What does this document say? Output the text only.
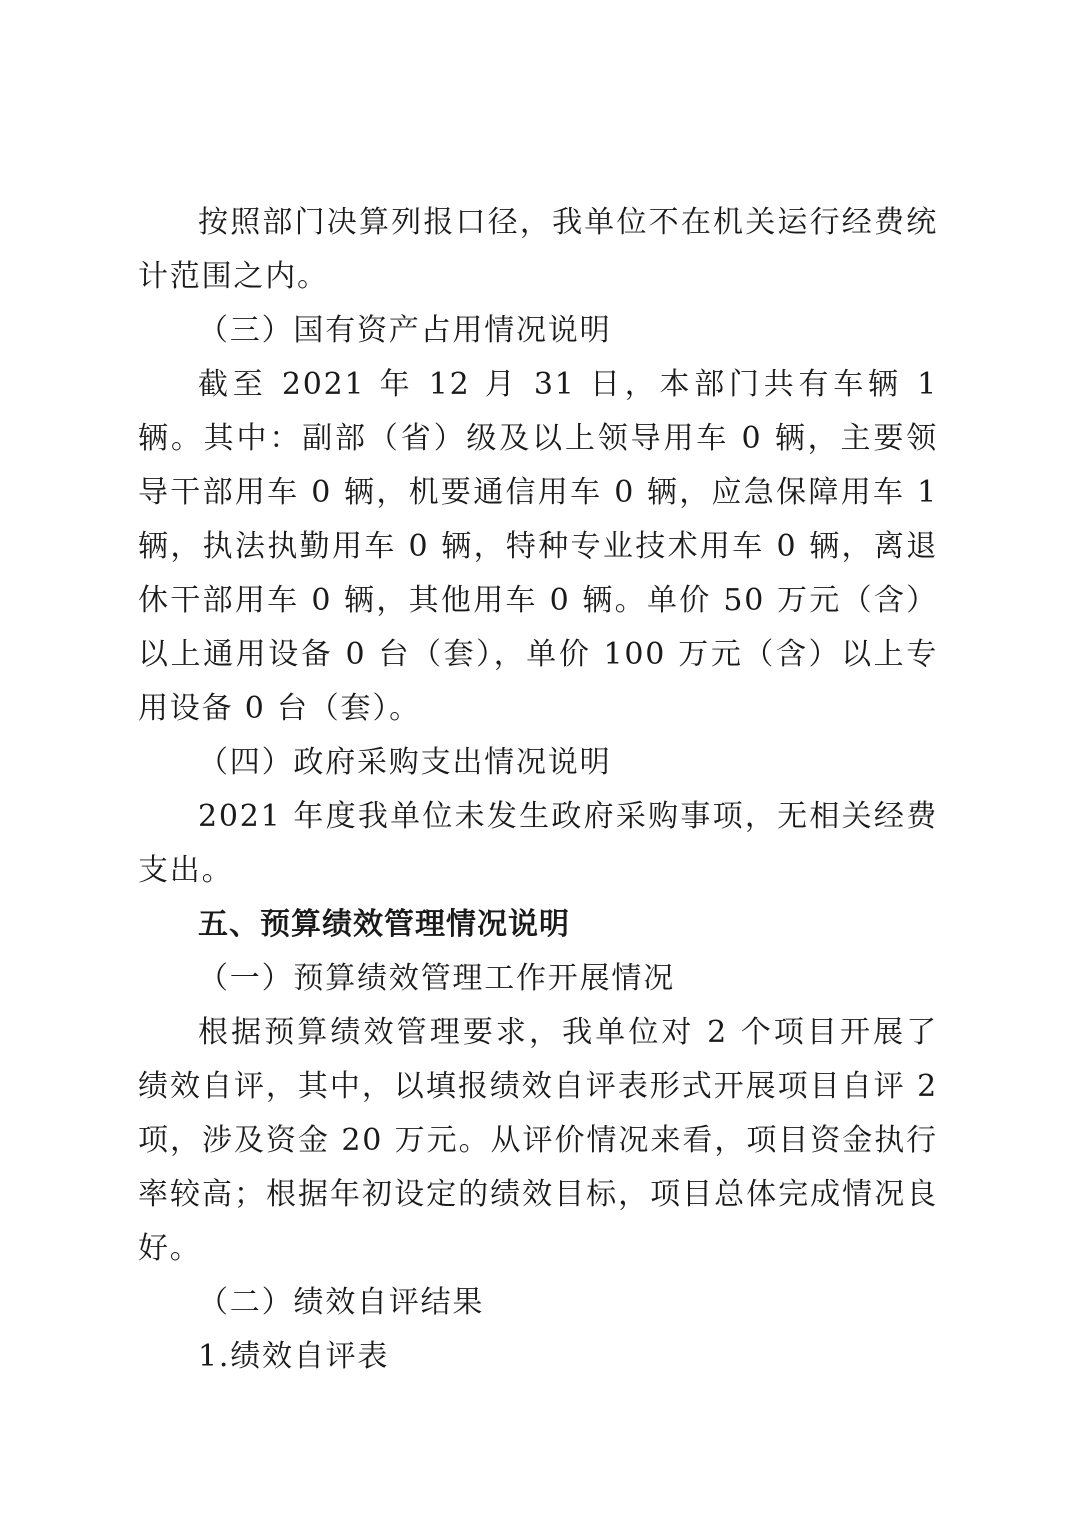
按照部门决算列报口径，我单位不在机关运行经费统计范围之内。

（三）国有资产占用情况说明

截至 2021 年 12 月 31 日，本部门共有车辆 1 辆。其中：副部（省）级及以上领导用车 0 辆，主要领导干部用车 0 辆，机要通信用车 0 辆，应急保障用车 1 辆，执法执勤用车 0 辆，特种专业技术用车 0 辆，离退休干部用车 0 辆，其他用车 0 辆。单价 50 万元（含）以上通用设备 0 台（套），单价 100 万元（含）以上专用设备 0 台（套）。

（四）政府采购支出情况说明

2021 年度我单位未发生政府采购事项，无相关经费支出。

五、预算绩效管理情况说明

（一）预算绩效管理工作开展情况

根据预算绩效管理要求，我单位对 2 个项目开展了绩效自评，其中，以填报绩效自评表形式开展项目自评 2 项，涉及资金 20 万元。从评价情况来看，项目资金执行率较高；根据年初设定的绩效目标，项目总体完成情况良好。

（二）绩效自评结果

1.绩效自评表
